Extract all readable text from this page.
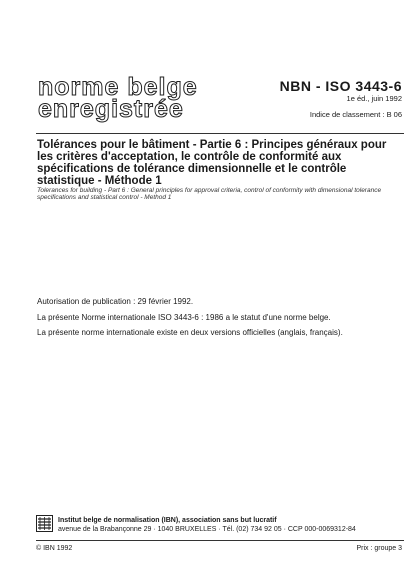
norme belge
enregistrée
NBN - ISO 3443-6
1e éd., juin 1992
Indice de classement : B 06
Tolérances pour le bâtiment - Partie 6 : Principes généraux pour les critères d'acceptation, le contrôle de conformité aux spécifications de tolérance dimensionnelle et le contrôle statistique - Méthode 1
Tolerances for building - Part 6 : General principles for approval criteria, control of conformity with dimensional tolerance specifications and statistical control - Method 1
Autorisation de publication : 29 février 1992.
La présente Norme internationale ISO 3443-6 : 1986 a le statut d'une norme belge.
La présente norme internationale existe en deux versions officielles (anglais, français).
Institut belge de normalisation (IBN), association sans but lucratif
avenue de la Brabançonne 29 · 1040 BRUXELLES · Tél. (02) 734 92 05 · CCP 000-0069312-84
© IBN 1992	Prix : groupe 3
